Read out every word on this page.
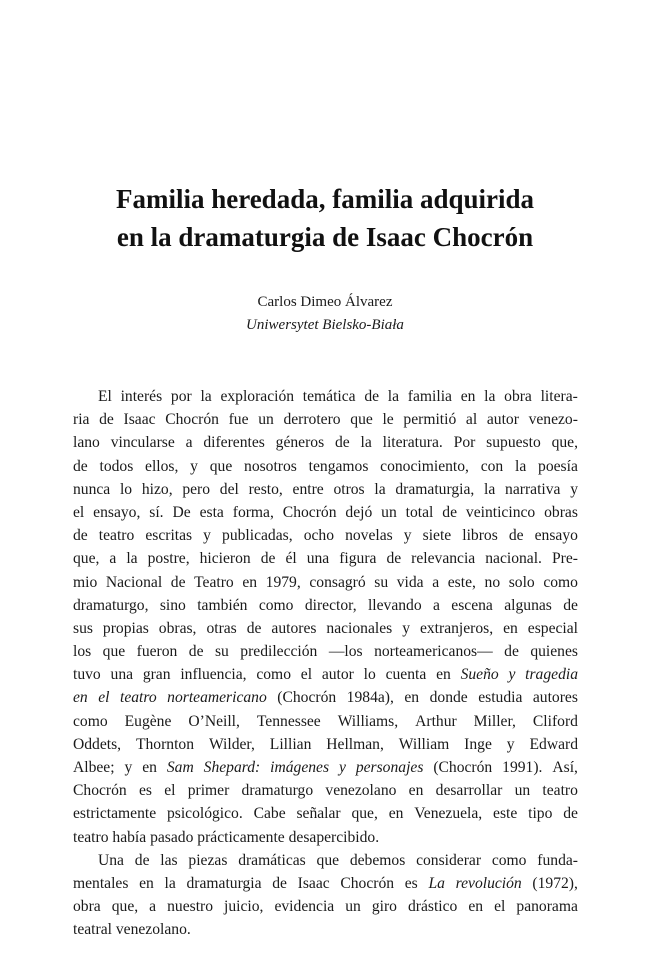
Familia heredada, familia adquirida
en la dramaturgia de Isaac Chocrón
Carlos Dimeo Álvarez
Uniwersytet Bielsko-Biała
El interés por la exploración temática de la familia en la obra litera-
ria de Isaac Chocrón fue un derrotero que le permitió al autor venezo-
lano vincularse a diferentes géneros de la literatura. Por supuesto que,
de todos ellos, y que nosotros tengamos conocimiento, con la poesía
nunca lo hizo, pero del resto, entre otros la dramaturgia, la narrativa y
el ensayo, sí. De esta forma, Chocrón dejó un total de veinticinco obras
de teatro escritas y publicadas, ocho novelas y siete libros de ensayo
que, a la postre, hicieron de él una figura de relevancia nacional. Pre-
mio Nacional de Teatro en 1979, consagró su vida a este, no solo como
dramaturgo, sino también como director, llevando a escena algunas de
sus propias obras, otras de autores nacionales y extranjeros, en especial
los que fueron de su predilección —los norteamericanos— de quienes
tuvo una gran influencia, como el autor lo cuenta en Sueño y tragedia
en el teatro norteamericano (Chocrón 1984a), en donde estudia autores
como Eugène O’Neill, Tennessee Williams, Arthur Miller, Cliford
Oddets, Thornton Wilder, Lillian Hellman, William Inge y Edward
Albee; y en Sam Shepard: imágenes y personajes (Chocrón 1991). Así,
Chocrón es el primer dramaturgo venezolano en desarrollar un teatro
estrictamente psicológico. Cabe señalar que, en Venezuela, este tipo de
teatro había pasado prácticamente desapercibido.
Una de las piezas dramáticas que debemos considerar como funda-
mentales en la dramaturgia de Isaac Chocrón es La revolución (1972),
obra que, a nuestro juicio, evidencia un giro drástico en el panorama
teatral venezolano.
